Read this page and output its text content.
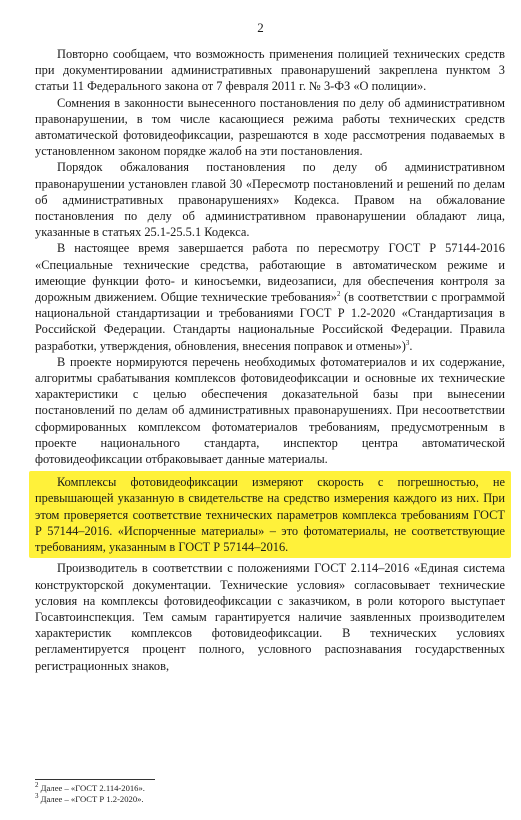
2

Повторно сообщаем, что возможность применения полицией технических средств при документировании административных правонарушений закреплена пунктом 3 статьи 11 Федерального закона от 7 февраля 2011 г. № 3-ФЗ «О полиции».

Сомнения в законности вынесенного постановления по делу об административном правонарушении, в том числе касающиеся режима работы технических средств автоматической фотовидеофиксации, разрешаются в ходе рассмотрения подаваемых в установленном законом порядке жалоб на эти постановления.

Порядок обжалования постановления по делу об административном правонарушении установлен главой 30 «Пересмотр постановлений и решений по делам об административных правонарушениях» Кодекса. Правом на обжалование постановления по делу об административном правонарушении обладают лица, указанные в статьях 25.1-25.5.1 Кодекса.

В настоящее время завершается работа по пересмотру ГОСТ Р 57144-2016 «Специальные технические средства, работающие в автоматическом режиме и имеющие функции фото- и киносъемки, видеозаписи, для обеспечения контроля за дорожным движением. Общие технические требования»$^2$ (в соответствии с программой национальной стандартизации и требованиями ГОСТ Р 1.2-2020 «Стандартизация в Российской Федерации. Стандарты национальные Российской Федерации. Правила разработки, утверждения, обновления, внесения поправок и отмены»)$^3$.

В проекте нормируются перечень необходимых фотоматериалов и их содержание, алгоритмы срабатывания комплексов фотовидеофиксации и основные их технические характеристики с целью обеспечения доказательной базы при вынесении постановлений по делам об административных правонарушениях. При несоответствии сформированных комплексом фотоматериалов требованиям, предусмотренным в проекте национального стандарта, инспектор центра автоматической фотовидеофиксации отбраковывает данные материалы.

Комплексы фотовидеофиксации измеряют скорость с погрешностью, не превышающей указанную в свидетельстве на средство измерения каждого из них. При этом проверяется соответствие технических параметров комплекса требованиям ГОСТ Р 57144–2016. «Испорченные материалы» – это фотоматериалы, не соответствующие требованиям, указанным в ГОСТ Р 57144–2016.

Производитель в соответствии с положениями ГОСТ 2.114–2016 «Единая система конструкторской документации. Технические условия» согласовывает технические условия на комплексы фотовидеофиксации с заказчиком, в роли которого выступает Госавтоинспекция. Тем самым гарантируется наличие заявленных производителем характеристик комплексов фотовидеофиксации. В технических условиях регламентируется процент полного, условного распознавания государственных регистрационных знаков,

$^2$ Далее – «ГОСТ 2.114-2016».
$^3$ Далее – «ГОСТ Р 1.2-2020».
